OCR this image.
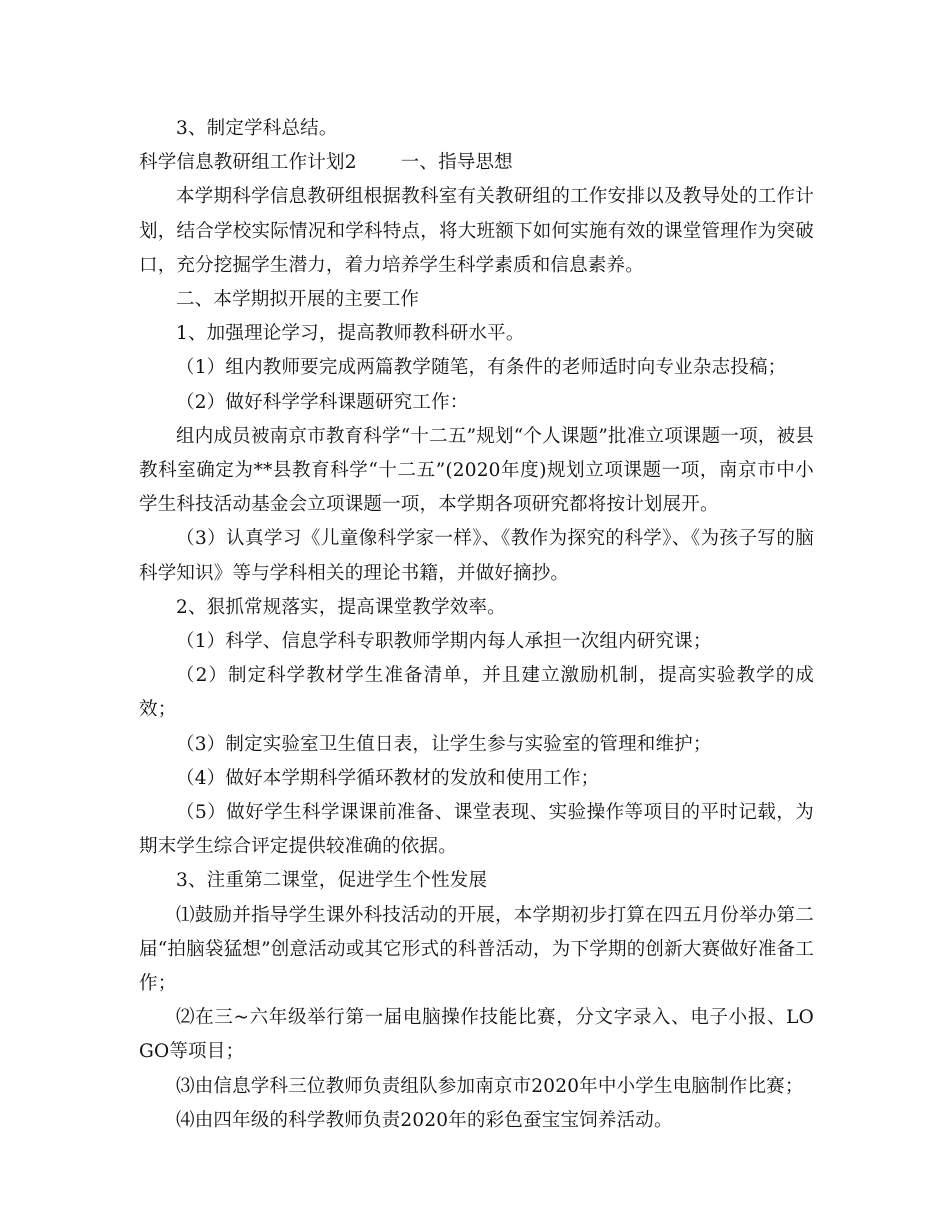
3、制定学科总结。

科学信息教研组工作计划2 一、指导思想

本学期科学信息教研组根据教科室有关教研组的工作安排以及教导处的工作计划，结合学校实际情况和学科特点，将大班额下如何实施有效的课堂管理作为突破口，充分挖掘学生潜力，着力培养学生科学素质和信息素养。

二、本学期拟开展的主要工作

1、加强理论学习，提高教师教科研水平。

（1）组内教师要完成两篇教学随笔，有条件的老师适时向专业杂志投稿；

（2）做好科学学科课题研究工作：

组内成员被南京市教育科学“十二五”规划“个人课题”批准立项课题一项，被县教科室确定为**县教育科学“十二五”(2020年度)规划立项课题一项，南京市中小学生科技活动基金会立项课题一项，本学期各项研究都将按计划展开。

（3）认真学习《儿童像科学家一样》、《教作为探究的科学》、《为孩子写的脑科学知识》等与学科相关的理论书籍，并做好摘抄。

2、狠抓常规落实，提高课堂教学效率。

（1）科学、信息学科专职教师学期内每人承担一次组内研究课；

（2）制定科学教材学生准备清单，并且建立激励机制，提高实验教学的成效；

（3）制定实验室卫生值日表，让学生参与实验室的管理和维护；

（4）做好本学期科学循环教材的发放和使用工作；

（5）做好学生科学课课前准备、课堂表现、实验操作等项目的平时记载，为期末学生综合评定提供较准确的依据。

3、注重第二课堂，促进学生个性发展

⑴鼓励并指导学生课外科技活动的开展，本学期初步打算在四五月份举办第二届“拍脑袋猛想”创意活动或其它形式的科普活动，为下学期的创新大赛做好准备工作；

⑵在三~六年级举行第一届电脑操作技能比赛，分文字录入、电子小报、LOGO等项目；

⑶由信息学科三位教师负责组队参加南京市2020年中小学生电脑制作比赛；

⑷由四年级的科学教师负责2020年的彩色蚕宝宝饲养活动。
